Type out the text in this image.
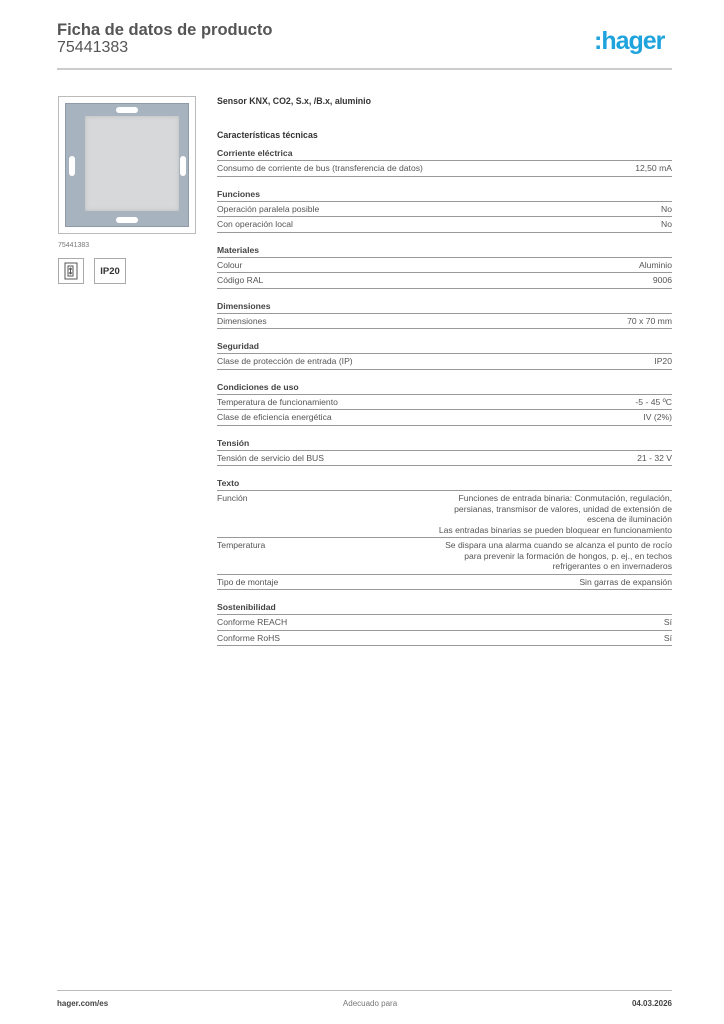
Ficha de datos de producto
75441383	:hager
75441383
IP20
Sensor KNX, CO2, S.x, /B.x, aluminio
Características técnicas
Corriente eléctrica
Consumo de corriente de bus (transferencia de datos)	12,50 mA
Funciones
Operación paralela posible	No
Con operación local	No
Materiales
Colour	Aluminio
Código RAL	9006
Dimensiones
Dimensiones	70 x 70 mm
Seguridad
Clase de protección de entrada (IP)	IP20
Condiciones de uso
Temperatura de funcionamiento	-5 - 45 ºC
Clase de eficiencia energética	IV (2%)
Tensión
Tensión de servicio del BUS	21 - 32 V
Texto
Función	Funciones de entrada binaria: Conmutación, regulación, persianas, transmisor de valores, unidad de extensión de escena de iluminación
Las entradas binarias se pueden bloquear en funcionamiento
Temperatura	Se dispara una alarma cuando se alcanza el punto de rocío para prevenir la formación de hongos, p. ej., en techos refrigerantes o en invernaderos
Tipo de montaje	Sin garras de expansión
Sostenibilidad
Conforme REACH	Sí
Conforme RoHS	Sí
hager.com/es	Adecuado para	04.03.2026
